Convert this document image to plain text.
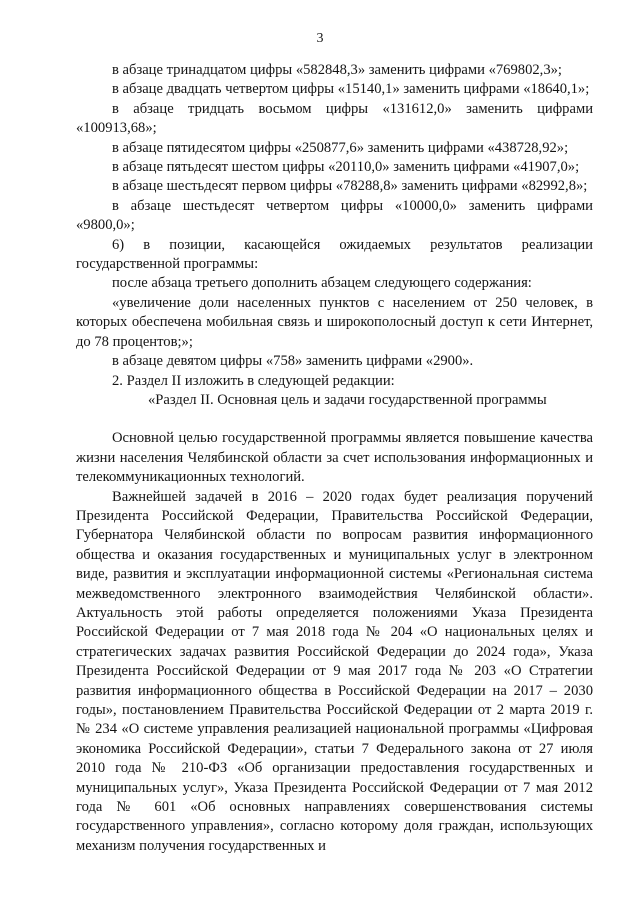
3

в абзаце тринадцатом цифры «582848,3» заменить цифрами «769802,3»;

в абзаце двадцать четвертом цифры «15140,1» заменить цифрами «18640,1»;

в абзаце тридцать восьмом цифры «131612,0» заменить цифрами «100913,68»;

в абзаце пятидесятом цифры «250877,6» заменить цифрами «438728,92»;

в абзаце пятьдесят шестом цифры «20110,0» заменить цифрами «41907,0»;

в абзаце шестьдесят первом цифры «78288,8» заменить цифрами «82992,8»;

в абзаце шестьдесят четвертом цифры «10000,0» заменить цифрами «9800,0»;

6) в позиции, касающейся ожидаемых результатов реализации государственной программы:

после абзаца третьего дополнить абзацем следующего содержания:

«увеличение доли населенных пунктов с населением от 250 человек, в которых обеспечена мобильная связь и широкополосный доступ к сети Интернет, до 78 процентов;»;

в абзаце девятом цифры «758» заменить цифрами «2900».

2. Раздел II изложить в следующей редакции:

«Раздел II. Основная цель и задачи государственной программы

Основной целью государственной программы является повышение качества жизни населения Челябинской области за счет использования информационных и телекоммуникационных технологий.

Важнейшей задачей в 2016 – 2020 годах будет реализация поручений Президента Российской Федерации, Правительства Российской Федерации, Губернатора Челябинской области по вопросам развития информационного общества и оказания государственных и муниципальных услуг в электронном виде, развития и эксплуатации информационной системы «Региональная система межведомственного электронного взаимодействия Челябинской области». Актуальность этой работы определяется положениями Указа Президента Российской Федерации от 7 мая 2018 года № 204 «О национальных целях и стратегических задачах развития Российской Федерации до 2024 года», Указа Президента Российской Федерации от 9 мая 2017 года № 203 «О Стратегии развития информационного общества в Российской Федерации на 2017 – 2030 годы», постановлением Правительства Российской Федерации от 2 марта 2019 г. № 234 «О системе управления реализацией национальной программы «Цифровая экономика Российской Федерации», статьи 7 Федерального закона от 27 июля 2010 года № 210-ФЗ «Об организации предоставления государственных и муниципальных услуг», Указа Президента Российской Федерации от 7 мая 2012 года № 601 «Об основных направлениях совершенствования системы государственного управления», согласно которому доля граждан, использующих механизм получения государственных и
